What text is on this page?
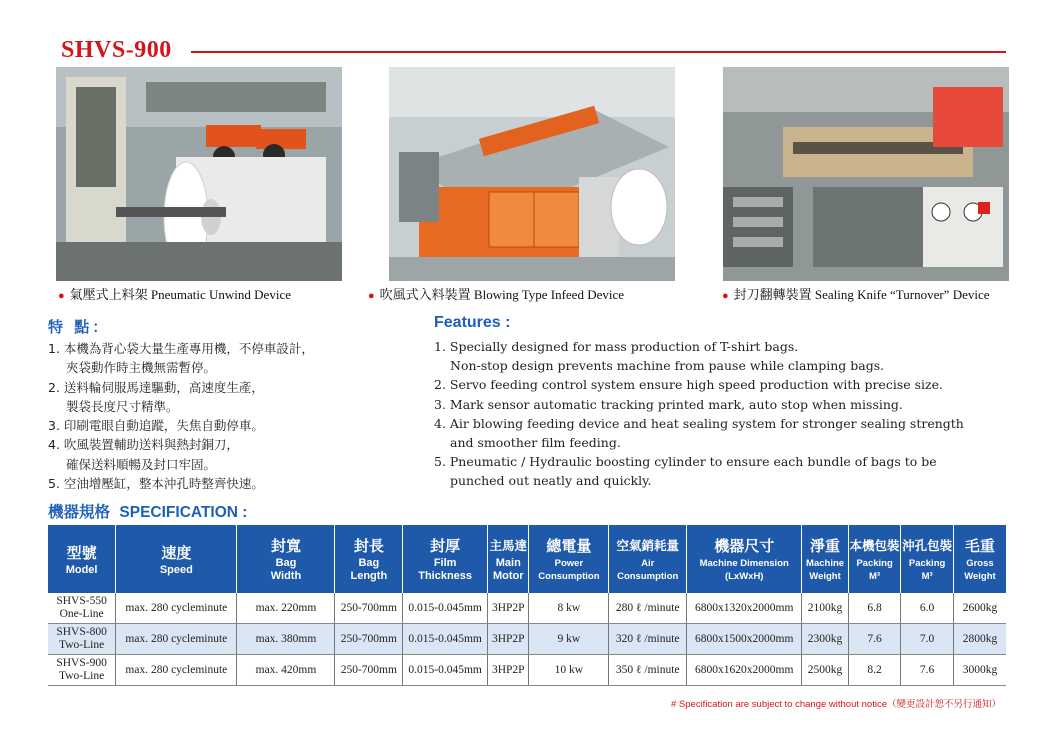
SHVS-900
● 氣壓式上料架 Pneumatic Unwind Device	● 吹風式入料裝置 Blowing Type Infeed Device	● 封刀翻轉裝置 Sealing Knife “Turnover” Device
特 點：
1. 本機為背心袋大量生產專用機，不停車設計，
夾袋動作時主機無需暫停。
2. 送料輪伺服馬達驅動，高速度生產，
製袋長度尺寸精準。
3. 印刷電眼自動追蹤，失焦自動停車。
4. 吹風裝置輔助送料與熱封銅刀，
確保送料順暢及封口牢固。
5. 空油增壓缸，整本沖孔時整齊快速。
Features :
1. Specially designed for mass production of T-shirt bags.
Non-stop design prevents machine from pause while clamping bags.
2. Servo feeding control system ensure high speed production with precise size.
3. Mark sensor automatic tracking printed mark, auto stop when missing.
4. Air blowing feeding device and heat sealing system for stronger sealing strength
and smoother film feeding.
5. Pneumatic / Hydraulic boosting cylinder to ensure each bundle of bags to be
punched out neatly and quickly.
機器規格 SPECIFICATION :
型號
Model	速度
Speed	封寬
Bag
Width	封長
Bag
Length	封厚
Film
Thickness	主馬達
Main
Motor	總電量
Power
Consumption	空氣銷耗量
Air
Consumption	機器尺寸
Machine Dimension
(LxWxH)	淨重
Machine
Weight	本機包裝
Packing
M³	沖孔包裝
Packing
M³	毛重
Gross
Weight

SHVS-550
One-Line	max. 280 cycleminute	max. 220mm	250-700mm	0.015-0.045mm	3HP2P	8 kw	280 ℓ /minute	6800x1320x2000mm	2100kg	6.8	6.0	2600kg

SHVS-800
Two-Line	max. 280 cycleminute	max. 380mm	250-700mm	0.015-0.045mm	3HP2P	9 kw	320 ℓ /minute	6800x1500x2000mm	2300kg	7.6	7.0	2800kg

SHVS-900
Two-Line	max. 280 cycleminute	max. 420mm	250-700mm	0.015-0.045mm	3HP2P	10 kw	350 ℓ /minute	6800x1620x2000mm	2500kg	8.2	7.6	3000kg
# Specification are subject to change without notice（變更設計恕不另行通知）
